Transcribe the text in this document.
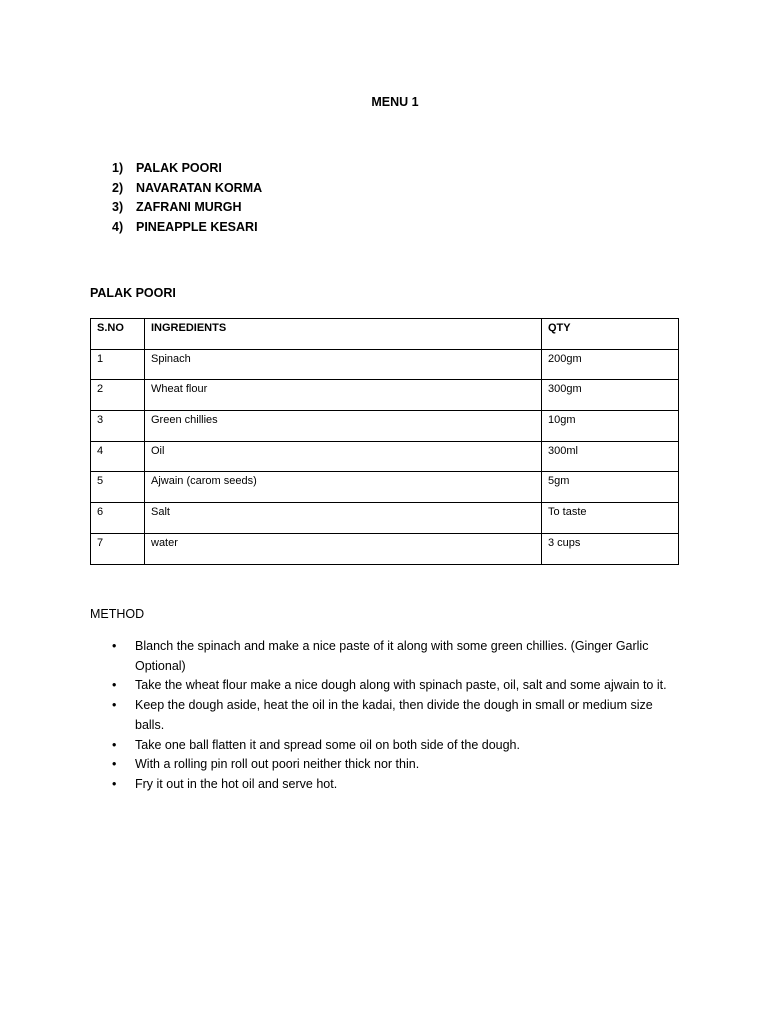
MENU 1
1) PALAK POORI
2) NAVARATAN KORMA
3) ZAFRANI MURGH
4) PINEAPPLE KESARI
PALAK POORI
S.NO	INGREDIENTS	QTY
1	Spinach	200gm
2	Wheat flour	300gm
3	Green chillies	10gm
4	Oil	300ml
5	Ajwain (carom seeds)	5gm
6	Salt	To taste
7	water	3 cups
METHOD
• Blanch the spinach and make a nice paste of it along with some green chillies. (Ginger Garlic Optional)
• Take the wheat flour make a nice dough along with spinach paste, oil, salt and some ajwain to it.
• Keep the dough aside, heat the oil in the kadai, then divide the dough in small or medium size balls.
• Take one ball flatten it and spread some oil on both side of the dough.
• With a rolling pin roll out poori neither thick nor thin.
• Fry it out in the hot oil and serve hot.
